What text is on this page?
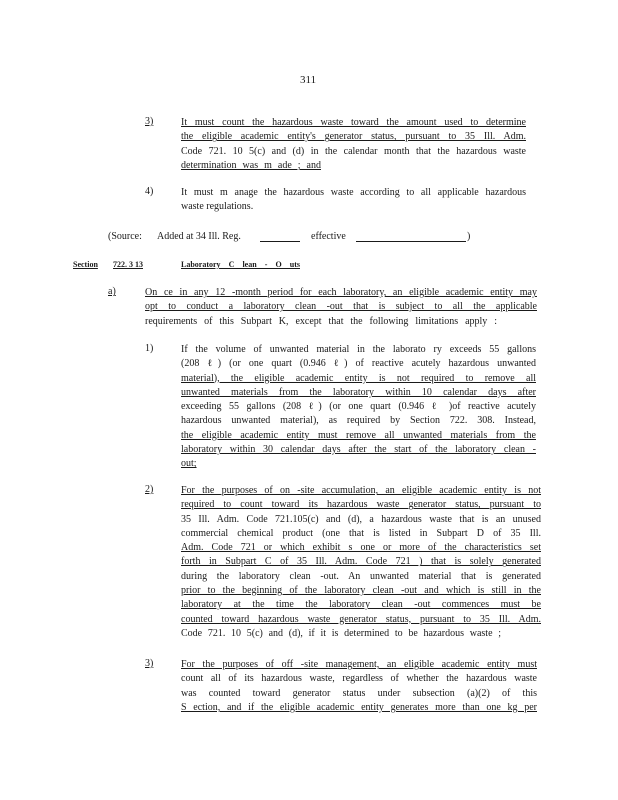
311
3)	It must count the hazardous waste toward the amount used to determine
the eligible academic entity's generator status, pursuant to 35 Ill. Adm.
Code 721. 10 5(c) and (d) in the calendar month that the hazardous waste
determination was m ade ; and
4)	It must m anage the hazardous waste according to all applicable hazardous
waste regulations.
(Source: Added at 34 Ill. Reg.	effective	)
Section 722. 3 13	Laboratory C lean - O uts
a)	On ce in any 12 -month period for each laboratory, an eligible academic entity may
opt to conduct a laboratory clean -out that is subject to all the applicable
requirements of this Subpart K, except that the following limitations apply :
1)	If the volume of unwanted material in the laborato ry exceeds 55 gallons
(208 ℓ) (or one quart (0.946 ℓ) of reactive acutely hazardous unwanted
material), the eligible academic entity is not required to remove all
unwanted materials from the laboratory within 10 calendar days after
exceeding 55 gallons (208 ℓ) (or one quart (0.946 ℓ )of reactive acutely
hazardous unwanted material), as required by Section 722. 308. Instead,
the eligible academic entity must remove all unwanted materials from the
laboratory within 30 calendar days after the start of the laboratory clean -
out;
2)	For the purposes of on -site accumulation, an eligible academic entity is not
required to count toward its hazardous waste generator status, pursuant to
35 Ill. Adm. Code 721.105(c) and (d), a hazardous waste that is an unused
commercial chemical product (one that is listed in Subpart D of 35 Ill.
Adm. Code 721 or which exhibit s one or more of the characteristics set
forth in Subpart C of 35 Ill. Adm. Code 721 ) that is solely generated
during the laboratory clean -out. An unwanted material that is generated
prior to the beginning of the laboratory clean -out and which is still in the
laboratory at the time the laboratory clean -out commences must be
counted toward hazardous waste generator status, pursuant to 35 Ill. Adm.
Code 721. 10 5(c) and (d), if it is determined to be hazardous waste ;
3)	For the purposes of off -site management, an eligible academic entity must
count all of its hazardous waste, regardless of whether the hazardous waste
was counted toward generator status under subsection (a)(2) of this
S ection, and if the eligible academic entity generates more than one kg per
